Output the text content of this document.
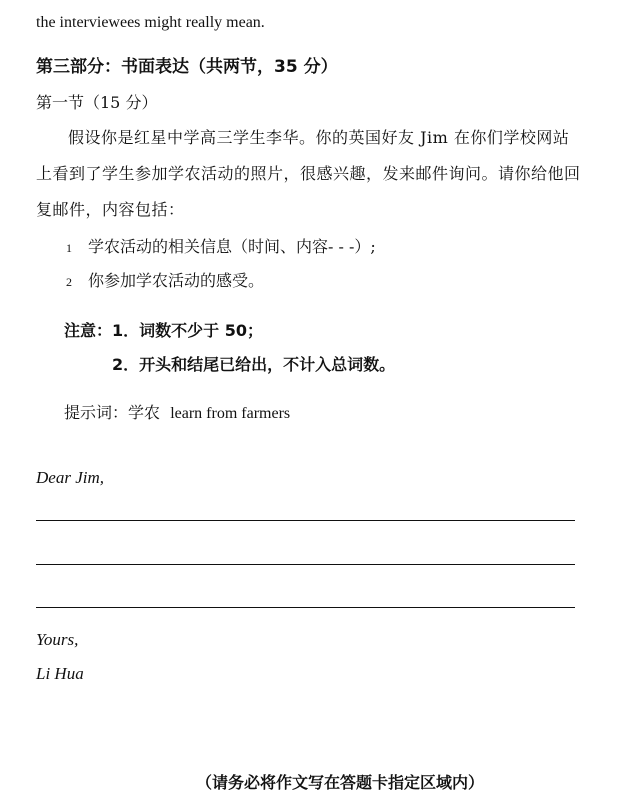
the interviewees might really mean.
第三部分：书面表达（共两节，35 分）
第一节（15 分）

假设你是红星中学高三学生李华。你的英国好友 Jim 在你们学校网站上看到了学生参加学农活动的照片，很感兴趣，发来邮件询问。请你给他回复邮件，内容包括：

1 学农活动的相关信息（时间、内容- - -）;
2 你参加学农活动的感受。
注意：1．词数不少于 50；
2．开头和结尾已给出，不计入总词数。
提示词：学农 learn from farmers
Dear Jim,
Yours,
Li Hua
（请务必将作文写在答题卡指定区域内）
